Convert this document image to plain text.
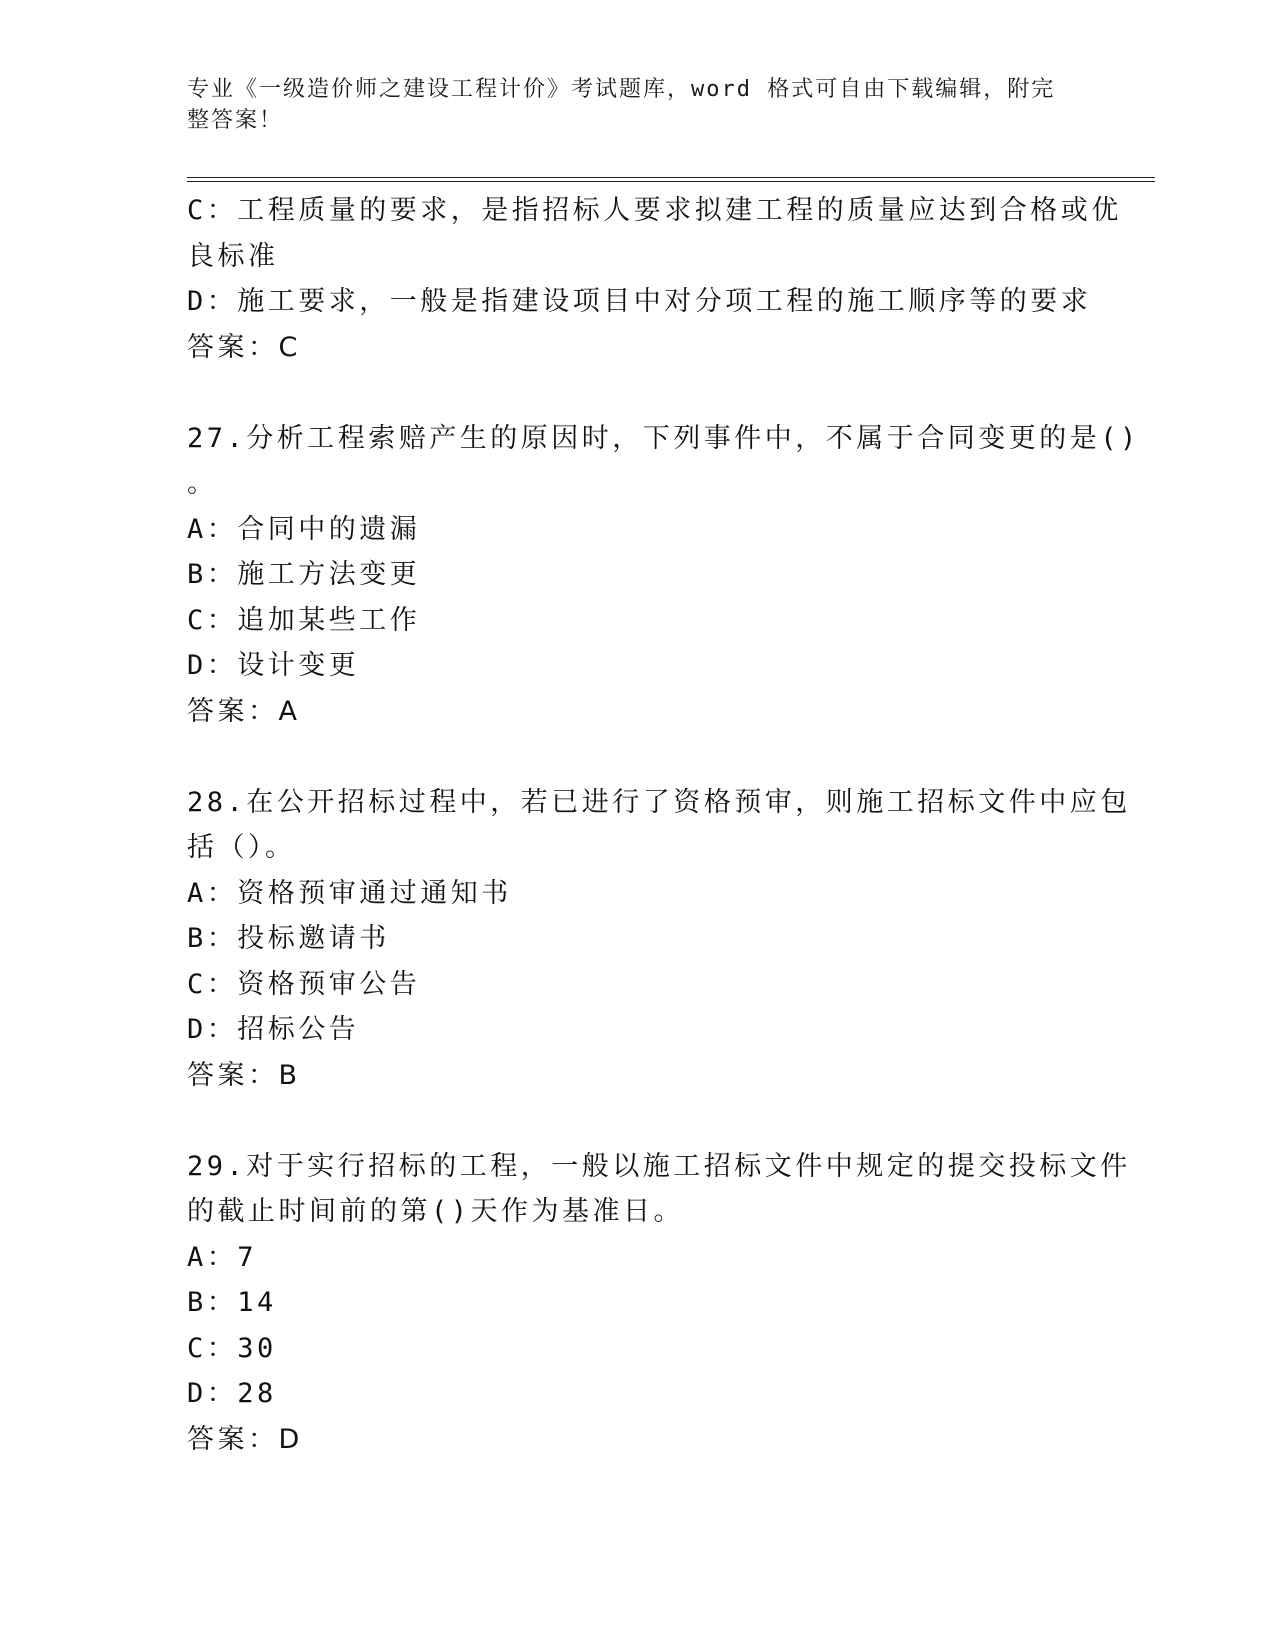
专业《一级造价师之建设工程计价》考试题库，word 格式可自由下载编辑，附完
整答案！
C：工程质量的要求，是指招标人要求拟建工程的质量应达到合格或优
良标准
D：施工要求，一般是指建设项目中对分项工程的施工顺序等的要求
答案：C
27.分析工程索赔产生的原因时，下列事件中，不属于合同变更的是()
。
A：合同中的遗漏
B：施工方法变更
C：追加某些工作
D：设计变更
答案：A
28.在公开招标过程中，若已进行了资格预审，则施工招标文件中应包
括（）。
A：资格预审通过通知书
B：投标邀请书
C：资格预审公告
D：招标公告
答案：B
29.对于实行招标的工程，一般以施工招标文件中规定的提交投标文件
的截止时间前的第()天作为基准日。
A：7
B：14
C：30
D：28
答案：D
